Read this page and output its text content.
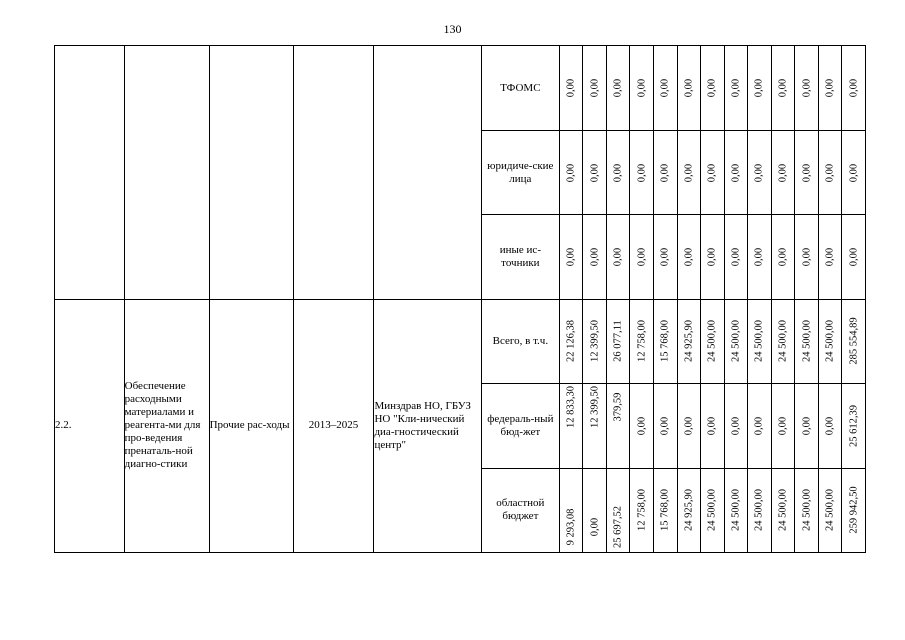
130
					ТФОМС	0,00	0,00	0,00	0,00	0,00	0,00	0,00	0,00	0,00	0,00	0,00	0,00	0,00

					юридиче-ские лица	0,00	0,00	0,00	0,00	0,00	0,00	0,00	0,00	0,00	0,00	0,00	0,00	0,00

					иные ис-точники	0,00	0,00	0,00	0,00	0,00	0,00	0,00	0,00	0,00	0,00	0,00	0,00	0,00

2.2.	Обеспечение расходными материалами и реагента-ми для про-ведения пренаталь-ной диагно-стики	Прочие рас-ходы	2013–2025	Минздрав НО, ГБУЗ НО "Кли-нический диа-гностический центр"	Всего, в т.ч.	22 126,38	12 399,50	26 077,11	12 758,00	15 768,00	24 925,90	24 500,00	24 500,00	24 500,00	24 500,00	24 500,00	24 500,00	285 554,89

					федераль-ный бюд-жет	12 833,30	12 399,50	379,59	0,00	0,00	0,00	0,00	0,00	0,00	0,00	0,00	0,00	25 612,39

					областной бюджет	9 293,08	0,00	25 697,52	12 758,00	15 768,00	24 925,90	24 500,00	24 500,00	24 500,00	24 500,00	24 500,00	24 500,00	259 942,50
